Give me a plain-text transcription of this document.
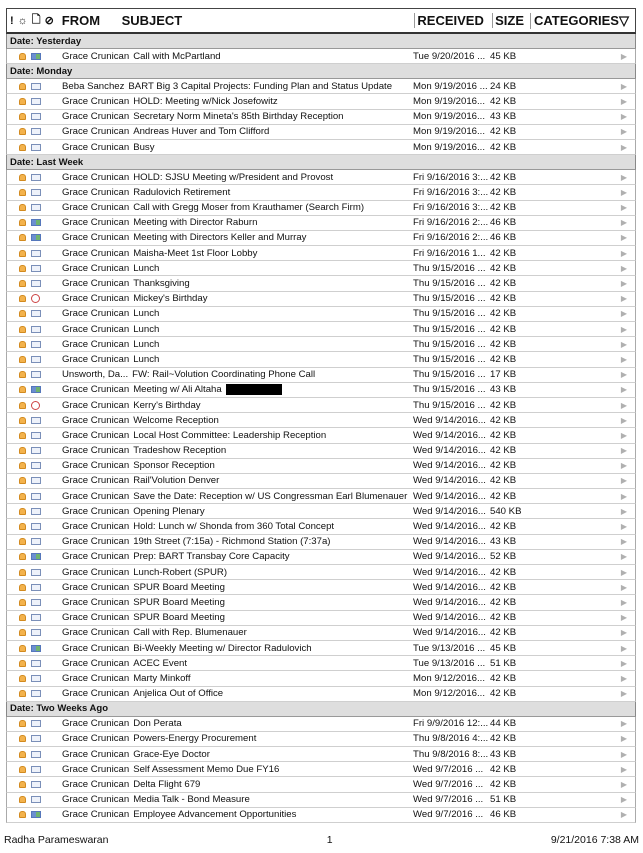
! ☼ 🗋 ⊘ FROM	SUBJECT	RECEIVED SIZE CATEGORIES ▽
Date: Yesterday
Grace Crunican Call with McPartland	Tue 9/20/2016 ... 45 KB	▶
Date: Monday
Beba Sanchez BART Big 3 Capital Projects: Funding Plan and Status Update Mon 9/19/2016 ... 24 KB	▶
Grace Crunican HOLD: Meeting w/Nick Josefowitz	Mon 9/19/2016... 42 KB	▶
Grace Crunican Secretary Norm Mineta's 85th Birthday Reception	Mon 9/19/2016... 43 KB	▶
Grace Crunican Andreas Huver and Tom Clifford	Mon 9/19/2016... 42 KB	▶
Grace Crunican Busy	Mon 9/19/2016... 42 KB	▶
Date: Last Week
Grace Crunican HOLD: SJSU Meeting w/President and Provost	Fri 9/16/2016 3:... 42 KB	▶
Grace Crunican Radulovich Retirement	Fri 9/16/2016 3:... 42 KB	▶
Grace Crunican Call with Gregg Moser from Krauthamer (Search Firm)	Fri 9/16/2016 3:... 42 KB	▶
Grace Crunican Meeting with Director Raburn	Fri 9/16/2016 2:... 46 KB	▶
Grace Crunican Meeting with Directors Keller and Murray	Fri 9/16/2016 2:... 46 KB	▶
Grace Crunican Maisha-Meet 1st Floor Lobby	Fri 9/16/2016 1... 42 KB	▶
Grace Crunican Lunch	Thu 9/15/2016 ... 42 KB	▶
Grace Crunican Thanksgiving	Thu 9/15/2016 ... 42 KB	▶
Grace Crunican Mickey's Birthday	Thu 9/15/2016 ... 42 KB	▶
Grace Crunican Lunch	Thu 9/15/2016 ... 42 KB	▶
Grace Crunican Lunch	Thu 9/15/2016 ... 42 KB	▶
Grace Crunican Lunch	Thu 9/15/2016 ... 42 KB	▶
Grace Crunican Lunch	Thu 9/15/2016 ... 42 KB	▶
Unsworth, Da... FW: Rail~Volution Coordinating Phone Call	Thu 9/15/2016 ... 17 KB	▶
Grace Crunican Meeting w/ Ali Altaha	Thu 9/15/2016 ... 43 KB	▶
Grace Crunican Kerry's Birthday	Thu 9/15/2016 ... 42 KB	▶
Grace Crunican Welcome Reception	Wed 9/14/2016... 42 KB	▶
Grace Crunican Local Host Committee: Leadership Reception	Wed 9/14/2016... 42 KB	▶
Grace Crunican Tradeshow Reception	Wed 9/14/2016... 42 KB	▶
Grace Crunican Sponsor Reception	Wed 9/14/2016... 42 KB	▶
Grace Crunican Rail'Volution Denver	Wed 9/14/2016... 42 KB	▶
Grace Crunican Save the Date: Reception w/ US Congressman Earl Blumenauer Wed 9/14/2016... 42 KB	▶
Grace Crunican Opening Plenary	Wed 9/14/2016... 540 KB	▶
Grace Crunican Hold: Lunch w/ Shonda from 360 Total Concept	Wed 9/14/2016... 42 KB	▶
Grace Crunican 19th Street (7:15a) - Richmond Station (7:37a)	Wed 9/14/2016... 43 KB	▶
Grace Crunican Prep: BART Transbay Core Capacity	Wed 9/14/2016... 52 KB	▶
Grace Crunican Lunch-Robert (SPUR)	Wed 9/14/2016... 42 KB	▶
Grace Crunican SPUR Board Meeting	Wed 9/14/2016... 42 KB	▶
Grace Crunican SPUR Board Meeting	Wed 9/14/2016... 42 KB	▶
Grace Crunican SPUR Board Meeting	Wed 9/14/2016... 42 KB	▶
Grace Crunican Call with Rep. Blumenauer	Wed 9/14/2016... 42 KB	▶
Grace Crunican Bi-Weekly Meeting w/ Director Radulovich	Tue 9/13/2016 ... 45 KB	▶
Grace Crunican ACEC Event	Tue 9/13/2016 ... 51 KB	▶
Grace Crunican Marty Minkoff	Mon 9/12/2016... 42 KB	▶
Grace Crunican Anjelica Out of Office	Mon 9/12/2016... 42 KB	▶
Date: Two Weeks Ago
Grace Crunican Don Perata	Fri 9/9/2016 12:... 44 KB	▶
Grace Crunican Powers-Energy Procurement	Thu 9/8/2016 4:... 42 KB	▶
Grace Crunican Grace-Eye Doctor	Thu 9/8/2016 8:... 43 KB	▶
Grace Crunican Self Assessment Memo Due FY16	Wed 9/7/2016 ... 42 KB	▶
Grace Crunican Delta Flight 679	Wed 9/7/2016 ... 42 KB	▶
Grace Crunican Media Talk - Bond Measure	Wed 9/7/2016 ... 51 KB	▶
Grace Crunican Employee Advancement Opportunities	Wed 9/7/2016 ... 46 KB	▶
Radha Parameswaran	1	9/21/2016 7:38 AM
